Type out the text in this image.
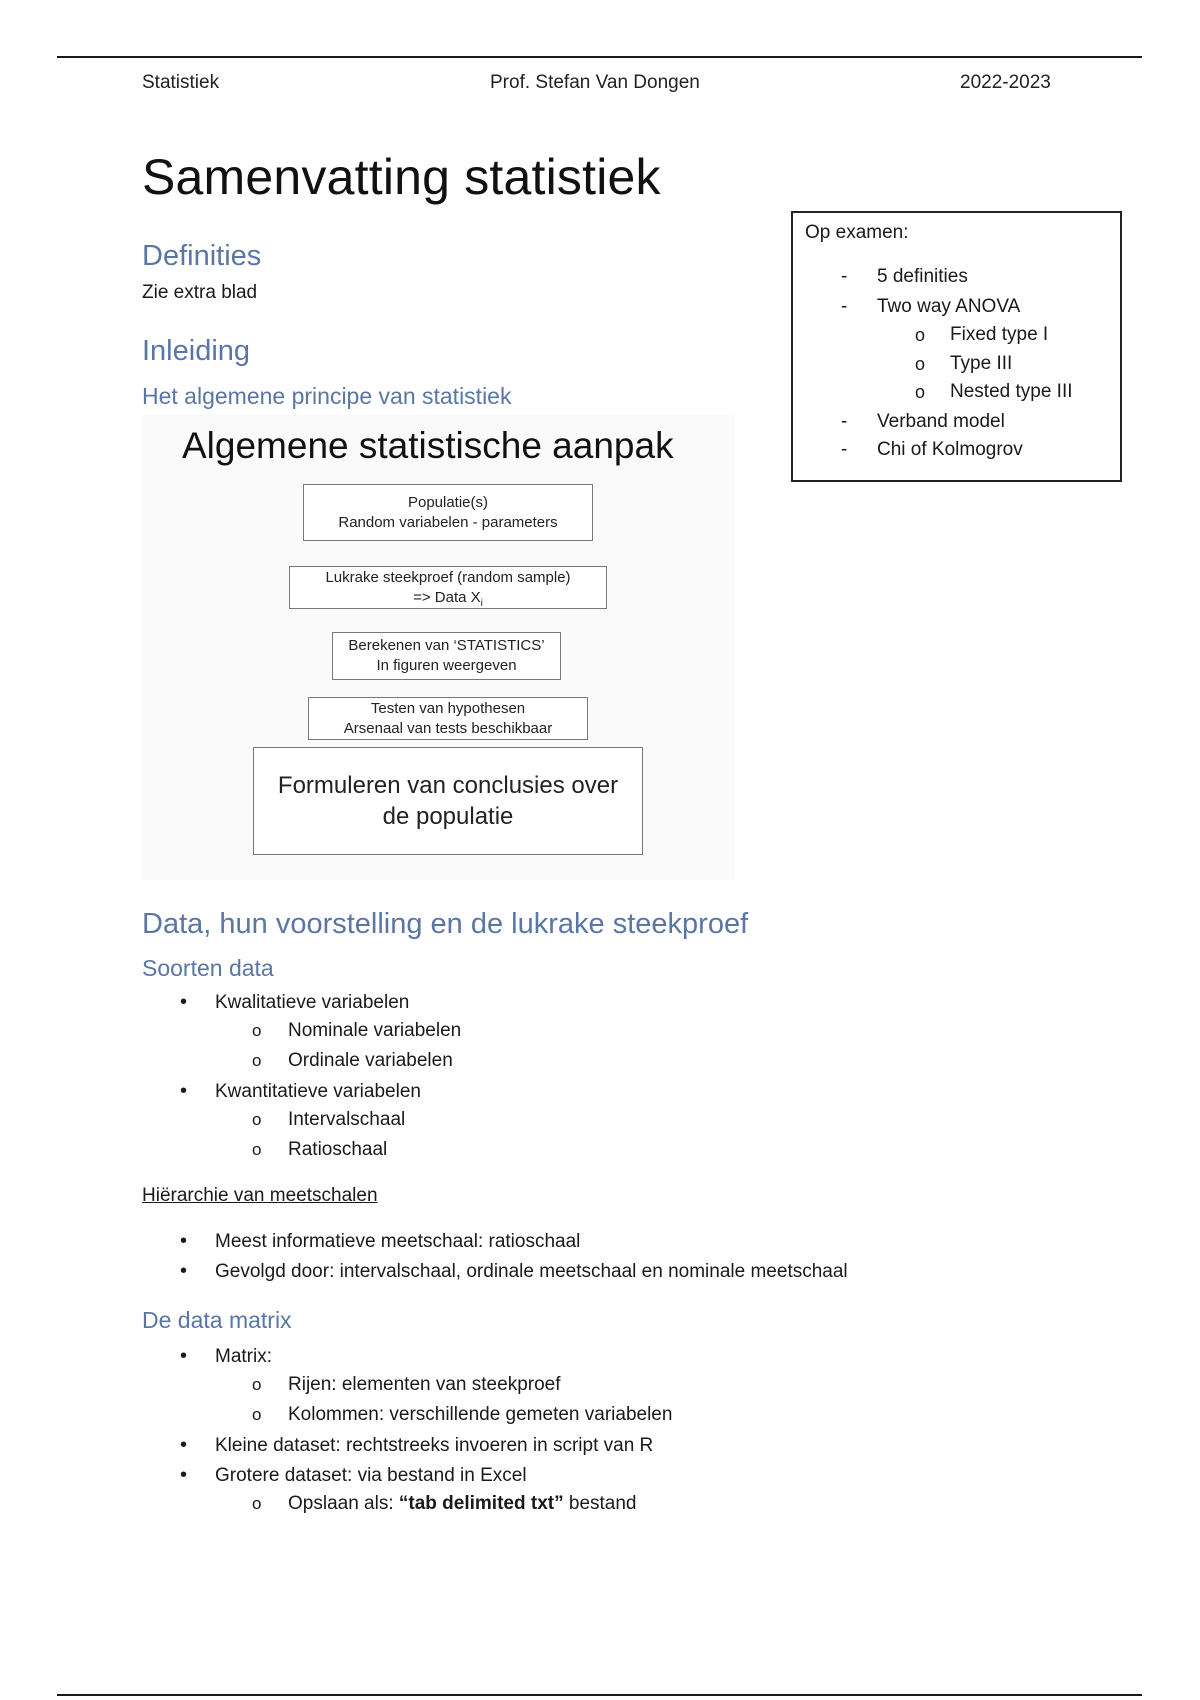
Statistiek	Prof. Stefan Van Dongen	2022-2023
Samenvatting statistiek
Op examen:
- 5 definities
- Two way ANOVA
o Fixed type I
o Type III
o Nested type III
- Verband model
- Chi of Kolmogrov
Definities
Zie extra blad
Inleiding
Het algemene principe van statistiek
Algemene statistische aanpak
Populatie(s)
Random variabelen - parameters
Lukrake steekproef (random sample)
=> Data $X_i$
Berekenen van ‘STATISTICS’
In figuren weergeven
Testen van hypothesen
Arsenaal van tests beschikbaar
Formuleren van conclusies over
de populatie
Data, hun voorstelling en de lukrake steekproef
Soorten data
• Kwalitatieve variabelen
o Nominale variabelen
o Ordinale variabelen
• Kwantitatieve variabelen
o Intervalschaal
o Ratioschaal
Hiërarchie van meetschalen
• Meest informatieve meetschaal: ratioschaal
• Gevolgd door: intervalschaal, ordinale meetschaal en nominale meetschaal
De data matrix
• Matrix:
o Rijen: elementen van steekproef
o Kolommen: verschillende gemeten variabelen
• Kleine dataset: rechtstreeks invoeren in script van R
• Grotere dataset: via bestand in Excel
o Opslaan als: “tab delimited txt” bestand
